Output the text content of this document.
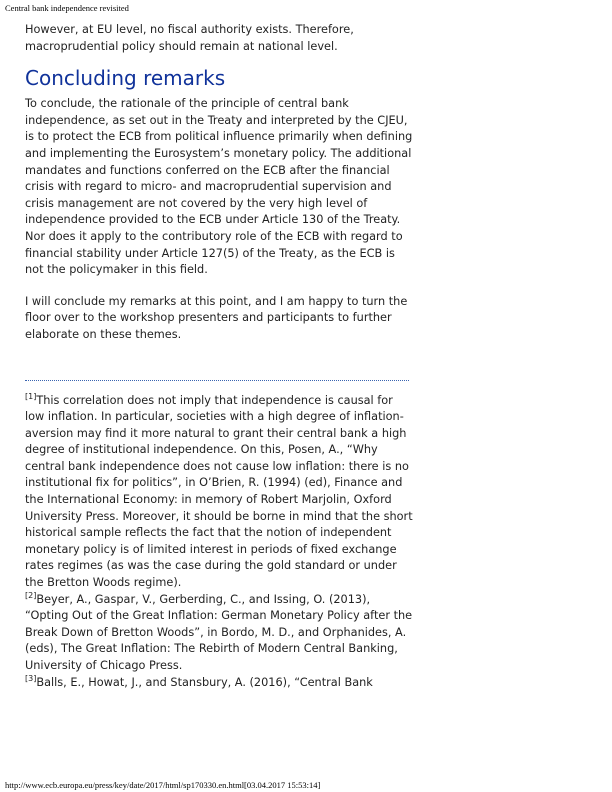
Central bank independence revisited

However, at EU level, no fiscal authority exists. Therefore, macroprudential policy should remain at national level.

Concluding remarks

To conclude, the rationale of the principle of central bank independence, as set out in the Treaty and interpreted by the CJEU, is to protect the ECB from political influence primarily when defining and implementing the Eurosystem’s monetary policy. The additional mandates and functions conferred on the ECB after the financial crisis with regard to micro- and macroprudential supervision and crisis management are not covered by the very high level of independence provided to the ECB under Article 130 of the Treaty. Nor does it apply to the contributory role of the ECB with regard to financial stability under Article 127(5) of the Treaty, as the ECB is not the policymaker in this field.

I will conclude my remarks at this point, and I am happy to turn the floor over to the workshop presenters and participants to further elaborate on these themes.

[1]This correlation does not imply that independence is causal for low inflation. In particular, societies with a high degree of inflation-aversion may find it more natural to grant their central bank a high degree of institutional independence. On this, Posen, A., “Why central bank independence does not cause low inflation: there is no institutional fix for politics”, in O’Brien, R. (1994) (ed), Finance and the International Economy: in memory of Robert Marjolin, Oxford University Press. Moreover, it should be borne in mind that the short historical sample reflects the fact that the notion of independent monetary policy is of limited interest in periods of fixed exchange rates regimes (as was the case during the gold standard or under the Bretton Woods regime).

[2]Beyer, A., Gaspar, V., Gerberding, C., and Issing, O. (2013), “Opting Out of the Great Inflation: German Monetary Policy after the Break Down of Bretton Woods”, in Bordo, M. D., and Orphanides, A. (eds), The Great Inflation: The Rebirth of Modern Central Banking, University of Chicago Press.

[3]Balls, E., Howat, J., and Stansbury, A. (2016), “Central Bank

http://www.ecb.europa.eu/press/key/date/2017/html/sp170330.en.html[03.04.2017 15:53:14]
